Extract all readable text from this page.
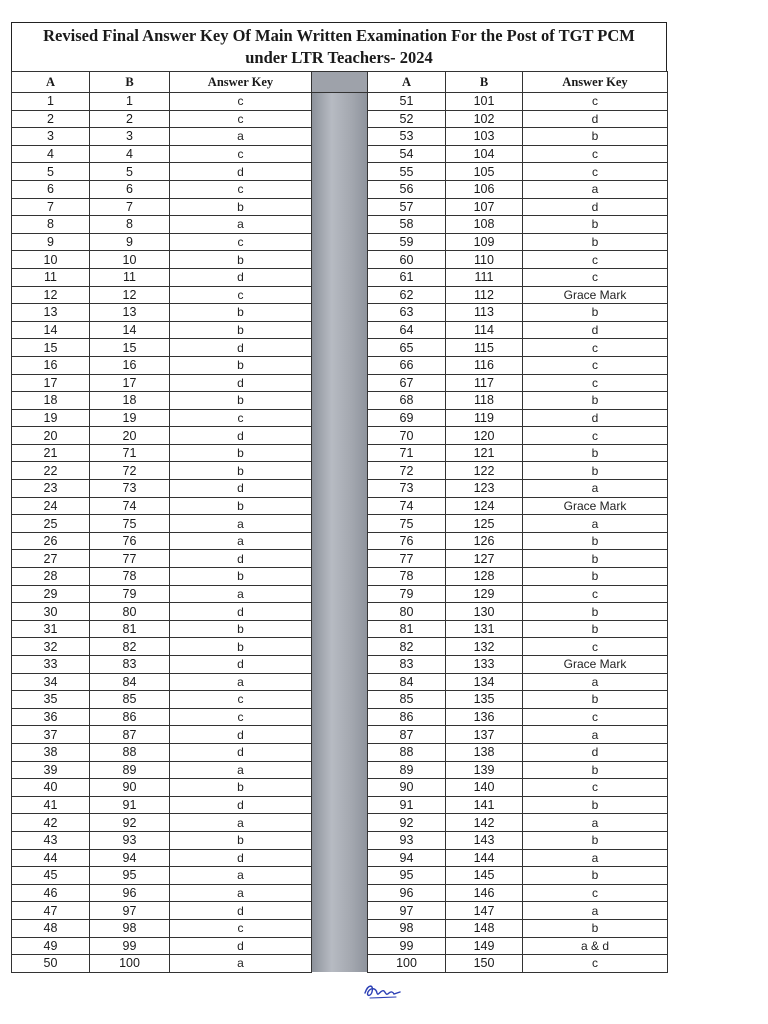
Revised Final Answer Key Of Main Written Examination For the Post of TGT PCM
under LTR Teachers- 2024
A	B	Answer Key		A	B	Answer Key
1	1	c		51	101	c
2	2	c		52	102	d
3	3	a		53	103	b
4	4	c		54	104	c
5	5	d		55	105	c
6	6	c		56	106	a
7	7	b		57	107	d
8	8	a		58	108	b
9	9	c		59	109	b
10	10	b		60	110	c
11	11	d		61	111	c
12	12	c		62	112	Grace Mark
13	13	b		63	113	b
14	14	b		64	114	d
15	15	d		65	115	c
16	16	b		66	116	c
17	17	d		67	117	c
18	18	b		68	118	b
19	19	c		69	119	d
20	20	d		70	120	c
21	71	b		71	121	b
22	72	b		72	122	b
23	73	d		73	123	a
24	74	b		74	124	Grace Mark
25	75	a		75	125	a
26	76	a		76	126	b
27	77	d		77	127	b
28	78	b		78	128	b
29	79	a		79	129	c
30	80	d		80	130	b
31	81	b		81	131	b
32	82	b		82	132	c
33	83	d		83	133	Grace Mark
34	84	a		84	134	a
35	85	c		85	135	b
36	86	c		86	136	c
37	87	d		87	137	a
38	88	d		88	138	d
39	89	a		89	139	b
40	90	b		90	140	c
41	91	d		91	141	b
42	92	a		92	142	a
43	93	b		93	143	b
44	94	d		94	144	a
45	95	a		95	145	b
46	96	a		96	146	c
47	97	d		97	147	a
48	98	c		98	148	b
49	99	d		99	149	a & d
50	100	a		100	150	c
